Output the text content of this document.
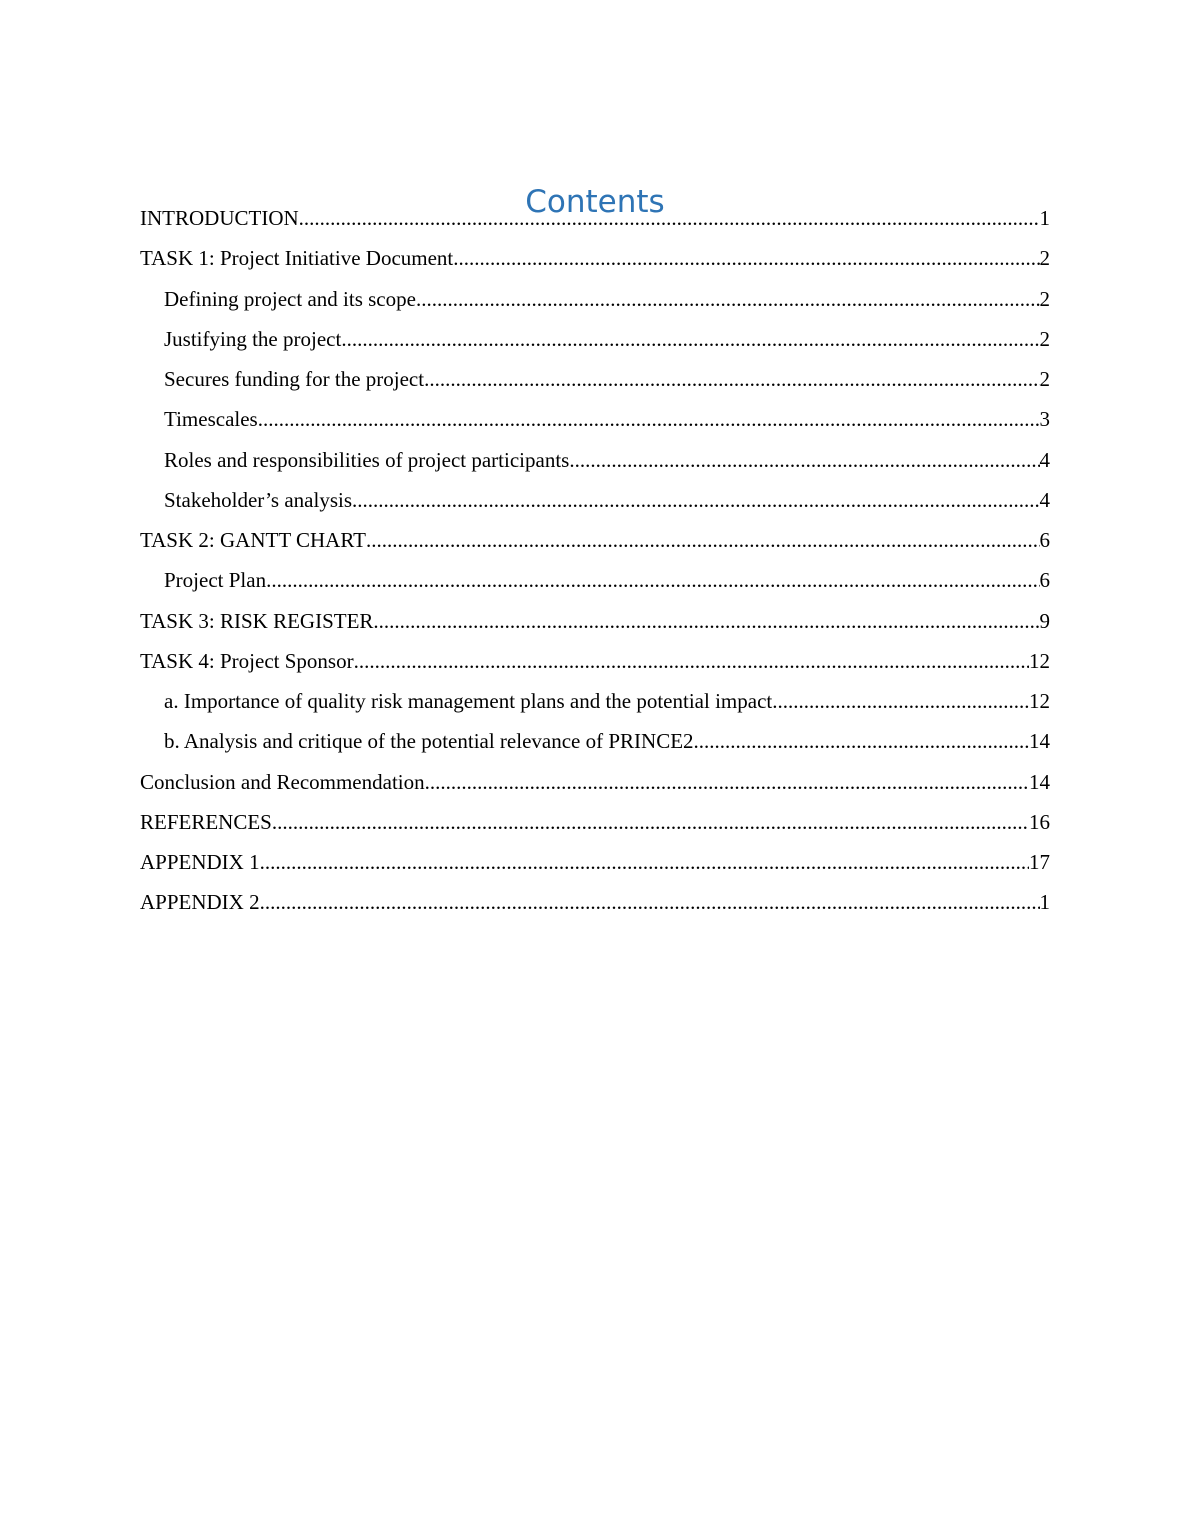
Contents
INTRODUCTION .....	1
TASK 1: Project Initiative Document .....	2
Defining project and its scope .....	2
Justifying the project .....	2
Secures funding for the project .....	2
Timescales .....	3
Roles and responsibilities of project participants .....	4
Stakeholder’s analysis .....	4
TASK 2: GANTT CHART .....	6
Project Plan .....	6
TASK 3: RISK REGISTER .....	9
TASK 4: Project Sponsor .....	12
a. Importance of quality risk management plans and the potential impact .....	12
b. Analysis and critique of the potential relevance of PRINCE2 .....	14
Conclusion and Recommendation .....	14
REFERENCES .....	16
APPENDIX 1 .....	17
APPENDIX 2 .....	1
